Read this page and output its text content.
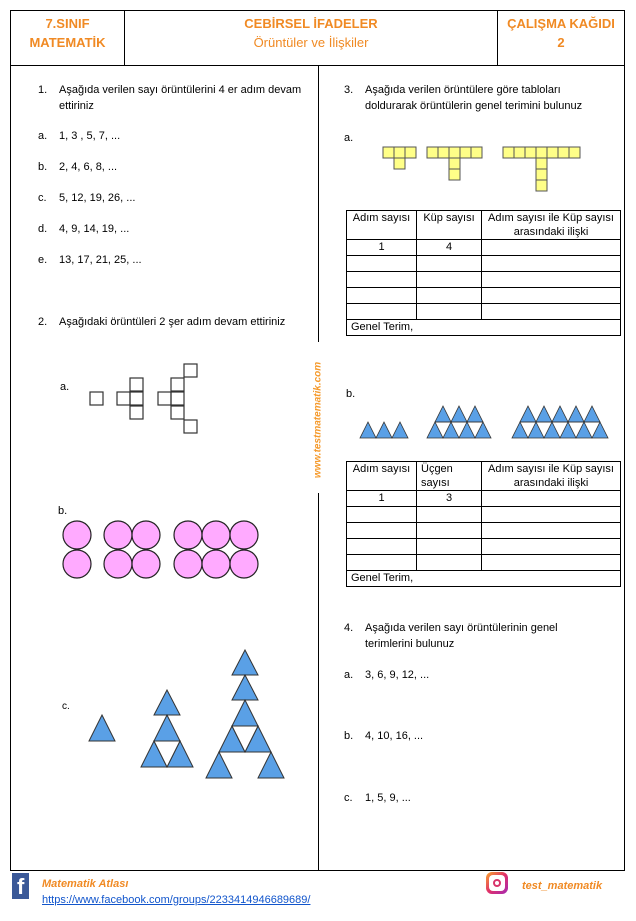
7.SINIF
MATEMATİK
CEBİRSEL İFADELER
Örüntüler ve İlişkiler
ÇALIŞMA KAĞIDI
2
www.testmatematik.com
1. Aşağıda verilen sayı örüntülerini 4 er adım devam
ettiriniz
a. 1, 3 , 5, 7, ...
b. 2, 4, 6, 8, ...
c. 5, 12, 19, 26, ...
d. 4, 9, 14, 19, ...
e. 13, 17, 21, 25, ...
2. Aşağıdaki örüntüleri 2 şer adım devam ettiriniz
a.
b.
c.
3. Aşağıda verilen örüntülere göre tabloları
doldurarak örüntülerin genel terimini bulunuz
a.
Adım sayısı	Küp sayısı	Adım sayısı ile Küp sayısı arasındaki ilişki
1	4	

Genel Terim,		
b.
Adım sayısı	Üçgen sayısı	Adım sayısı ile Küp sayısı arasındaki ilişki
1	3	

Genel Terim,		
4. Aşağıda verilen sayı örüntülerinin genel
terimlerini bulunuz
a. 3, 6, 9, 12, ...
b. 4, 10, 16, ...
c. 1, 5, 9, ...
f Matematik Atlası
https://www.facebook.com/groups/2233414946689689/
test_matematik
